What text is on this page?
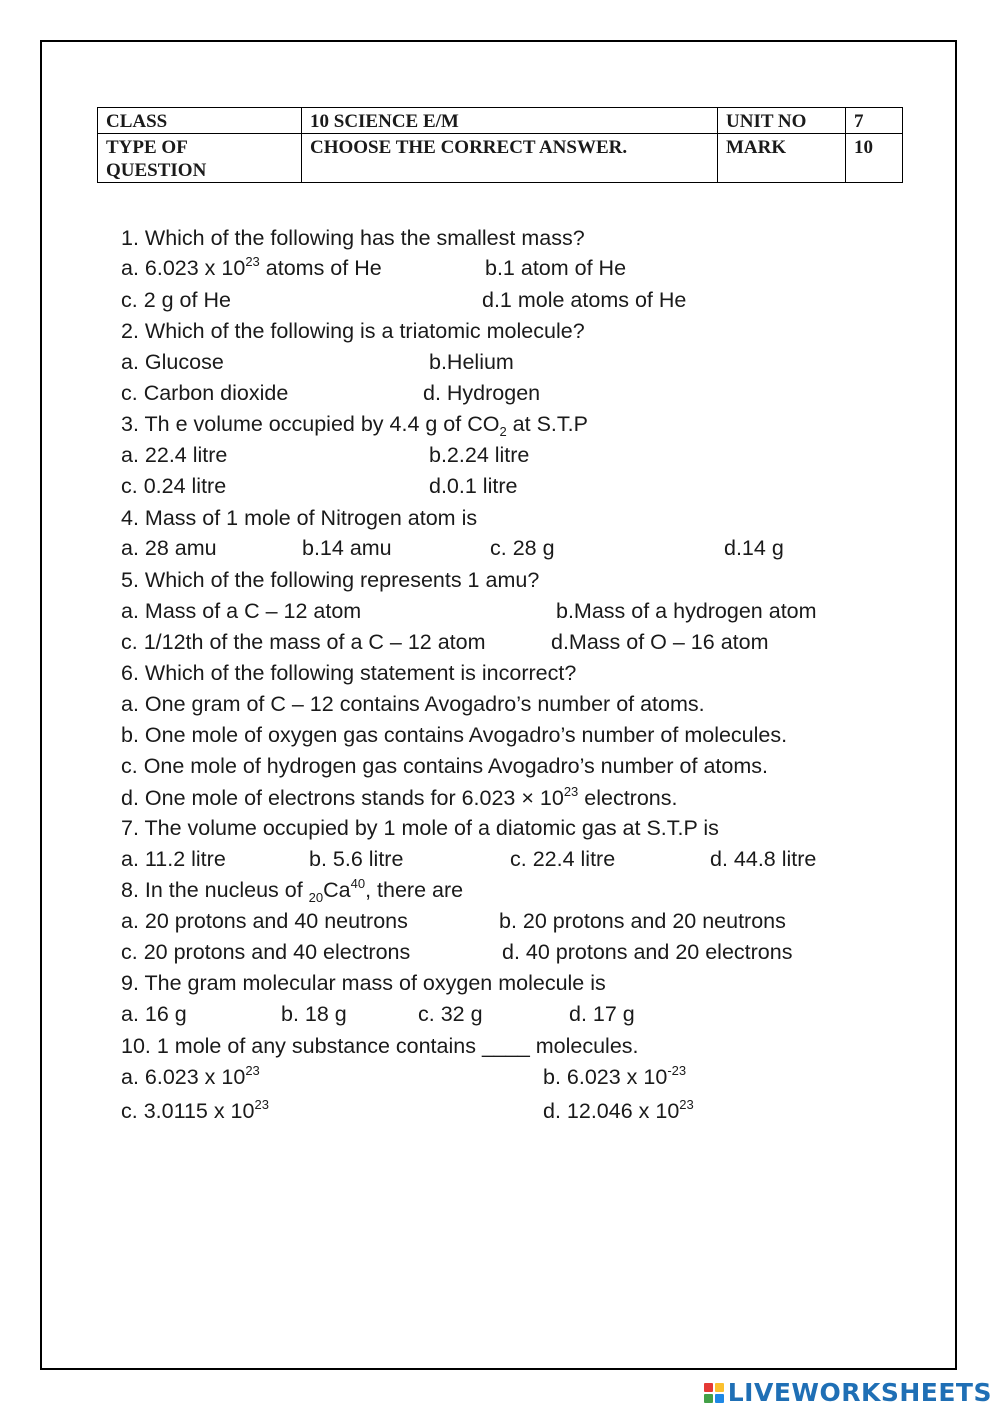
CLASS	10 SCIENCE E/M	UNIT NO	7
TYPE OF
QUESTION	CHOOSE THE CORRECT ANSWER.	MARK	10
1. Which of the following has the smallest mass?
a. 6.023 x $10^{23}$ atoms of He	b.1 atom of He
c. 2 g of He	d.1 mole atoms of He
2. Which of the following is a triatomic molecule?
a. Glucose	b.Helium
c. Carbon dioxide	d. Hydrogen
3. Th e volume occupied by 4.4 g of $CO_2$ at S.T.P
a. 22.4 litre	b.2.24 litre
c. 0.24 litre	d.0.1 litre
4. Mass of 1 mole of Nitrogen atom is
a. 28 amu	b.14 amu	c. 28 g	d.14 g
5. Which of the following represents 1 amu?
a. Mass of a C – 12 atom	b.Mass of a hydrogen atom
c. 1/12th of the mass of a C – 12 atom	d.Mass of O – 16 atom
6. Which of the following statement is incorrect?
a. One gram of C – 12 contains Avogadro’s number of atoms.
b. One mole of oxygen gas contains Avogadro’s number of molecules.
c. One mole of hydrogen gas contains Avogadro’s number of atoms.
d. One mole of electrons stands for $6.023 \times 10^{23}$ electrons.
7. The volume occupied by 1 mole of a diatomic gas at S.T.P is
a. 11.2 litre	b. 5.6 litre	c. 22.4 litre	d. 44.8 litre
8. In the nucleus of $_{20}Ca^{40}$, there are
a. 20 protons and 40 neutrons	b. 20 protons and 20 neutrons
c. 20 protons and 40 electrons	d. 40 protons and 20 electrons
9. The gram molecular mass of oxygen molecule is
a. 16 g	b. 18 g	c. 32 g	d. 17 g
10. 1 mole of any substance contains ____ molecules.
a. 6.023 x $10^{23}$	b. 6.023 x $10^{-23}$
c. 3.0115 x $10^{23}$	d. 12.046 x $10^{23}$
LIVEWORKSHEETS
